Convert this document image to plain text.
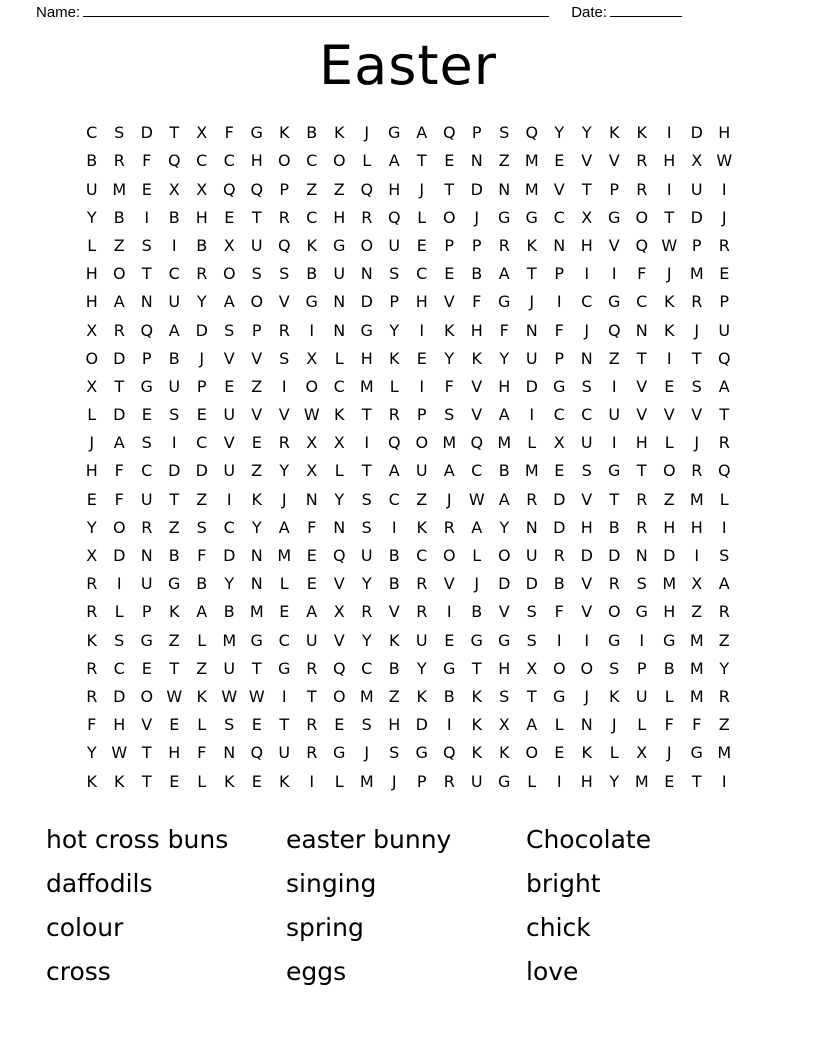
Name:	Date:
Easter
C	S	D	T	X	F	G	K	B	K	J	G A Q	P	S	Q	Y	Y	K	K	I	D H
B	R	F	Q C	C H O C O	L	A	T	E	N	Z M E	V	V	R H	X W
U M E	X	X Q Q	P	Z	Z Q H	J	T	D N M V	T	P	R	I	U	I
Y	B	I	B	H	E	T	R	C H R Q	L	O	J	G G C	X G O	T	D	J
L	Z	S	I	B	X	U Q K	G O U	E	P	P	R	K	N H	V Q W P	R
H O	T	C	R O	S	S	B	U N	S	C	E	B	A	T	P	I	I	F	J	M E
H	A	N U	Y	A O V G N D	P	H	V	F	G	J	I	C G C	K	R	P
X	R Q A D	S	P	R	I	N G	Y	I	K	H	F	N	F	J	Q N	K	J	U
O D	P	B	J	V	V	S	X	L	H	K	E	Y	K	Y	U	P	N	Z	T	I	T	Q
X	T	G U	P	E	Z	I	O C M	L	I	F	V	H D G	S	I	V	E	S	A
L	D	E	S	E	U	V	V W K	T	R	P	S	V	A	I	C	C	U	V	V	V	T
J	A	S	I	C	V	E	R	X	X	I	Q O M Q M	L	X	U	I	H	L	J	R
H	F	C D D U	Z	Y	X	L	T	A	U	A	C	B M E	S	G	T	O R Q
E	F	U	T	Z	I	K	J	N	Y	S	C	Z	J	W A	R D V	T	R	Z M	L
Y	O R	Z	S	C	Y	A	F	N	S	I	K	R	A	Y	N D H B	R H H	I
X D N	B	F	D N M E	Q U	B	C O	L	O U	R D D N D	I	S
R	I	U G B	Y	N	L	E	V	Y	B	R	V	J	D D B	V	R	S M X	A
R	L	P	K	A	B M E	A	X	R	V	R	I	B	V	S	F	V O G H	Z	R
K	S	G Z	L	M G C	U	V	Y	K	U	E	G G	S	I	I	G	I	G M Z
R	C	E	T	Z	U	T	G R Q C	B	Y	G	T	H	X O O	S	P	B M Y
R D O W K W W	I	T	O M Z	K	B	K	S	T	G	J	K	U	L	M R
F	H	V	E	L	S	E	T	R	E	S	H D	I	K	X	A	L	N	J	L	F	F	Z
Y W T	H	F	N Q U	R G	J	S	G Q K	K O	E	K	L	X	J	G M
K	K	T	E	L	K	E	K	I	L	M	J	P	R	U G	L	I	H	Y M E	T	I
hot cross buns	easter bunny	Chocolate
daffodils	singing	bright
colour	spring	chick
cross	eggs	love
